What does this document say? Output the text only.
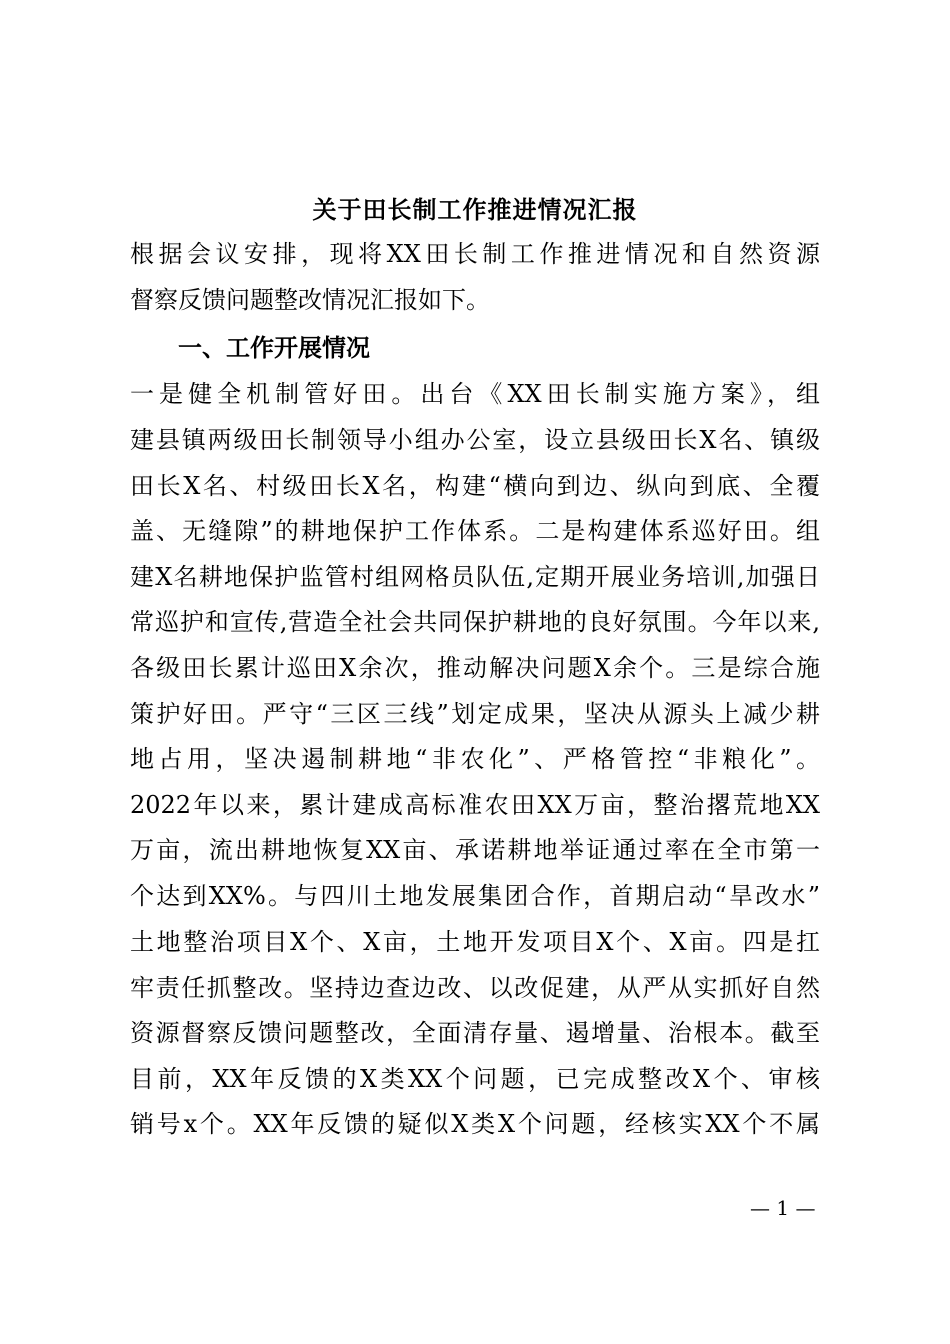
关于田长制工作推进情况汇报
根据会议安排，现将XX田长制工作推进情况和自然资源
督察反馈问题整改情况汇报如下。
一、工作开展情况
一是健全机制管好田。出台《XX田长制实施方案》，组
建县镇两级田长制领导小组办公室，设立县级田长X名、镇级
田长X名、村级田长X名，构建“横向到边、纵向到底、全覆
盖、无缝隙”的耕地保护工作体系。二是构建体系巡好田。组
建X名耕地保护监管村组网格员队伍,定期开展业务培训,加强日
常巡护和宣传,营造全社会共同保护耕地的良好氛围。今年以来,
各级田长累计巡田X余次，推动解决问题X余个。三是综合施
策护好田。严守“三区三线”划定成果，坚决从源头上减少耕
地占用，坚决遏制耕地“非农化”、严格管控“非粮化”。
2022年以来，累计建成高标准农田XX万亩，整治撂荒地XX
万亩，流出耕地恢复XX亩、承诺耕地举证通过率在全市第一
个达到XX%。与四川土地发展集团合作，首期启动“旱改水”
土地整治项目X个、X亩，土地开发项目X个、X亩。四是扛
牢责任抓整改。坚持边查边改、以改促建，从严从实抓好自然
资源督察反馈问题整改，全面清存量、遏增量、治根本。截至
目前，XX年反馈的X类XX个问题，已完成整改X个、审核
销号x个。XX年反馈的疑似X类X个问题，经核实XX个不属
— 1 —
